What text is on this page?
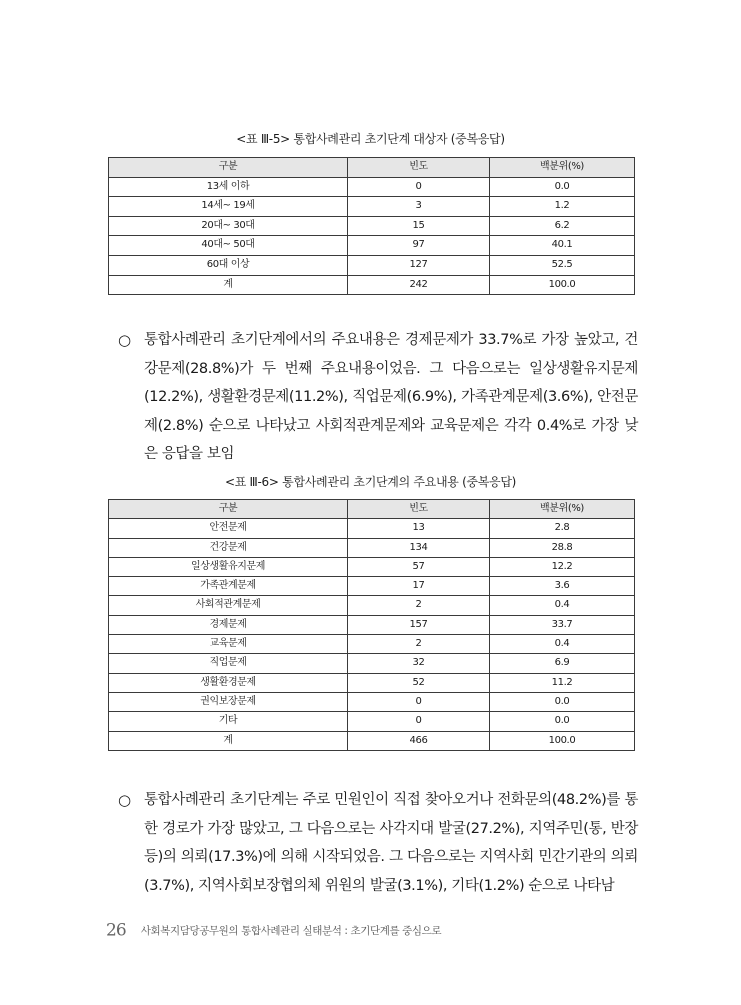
<표 Ⅲ-5> 통합사례관리 초기단계 대상자 (중복응답)
구분	빈도	백분위(%)
13세 이하	0	0.0
14세~ 19세	3	1.2
20대~ 30대	15	6.2
40대~ 50대	97	40.1
60대 이상	127	52.5
계	242	100.0
○ 통합사례관리 초기단계에서의 주요내용은 경제문제가 33.7%로 가장 높았고, 건강문제(28.8%)가 두 번째 주요내용이었음. 그 다음으로는 일상생활유지문제(12.2%), 생활환경문제(11.2%), 직업문제(6.9%), 가족관계문제(3.6%), 안전문제(2.8%) 순으로 나타났고 사회적관계문제와 교육문제은 각각 0.4%로 가장 낮은 응답을 보임
<표 Ⅲ-6> 통합사례관리 초기단계의 주요내용 (중복응답)
구분	빈도	백분위(%)
안전문제	13	2.8
건강문제	134	28.8
일상생활유지문제	57	12.2
가족관계문제	17	3.6
사회적관계문제	2	0.4
경제문제	157	33.7
교육문제	2	0.4
직업문제	32	6.9
생활환경문제	52	11.2
권익보장문제	0	0.0
기타	0	0.0
계	466	100.0
○ 통합사례관리 초기단계는 주로 민원인이 직접 찾아오거나 전화문의(48.2%)를 통한 경로가 가장 많았고, 그 다음으로는 사각지대 발굴(27.2%), 지역주민(통, 반장 등)의 의뢰(17.3%)에 의해 시작되었음. 그 다음으로는 지역사회 민간기관의 의뢰(3.7%), 지역사회보장협의체 위원의 발굴(3.1%), 기타(1.2%) 순으로 나타남
26 사회복지담당공무원의 통합사례관리 실태분석 : 초기단계를 중심으로
